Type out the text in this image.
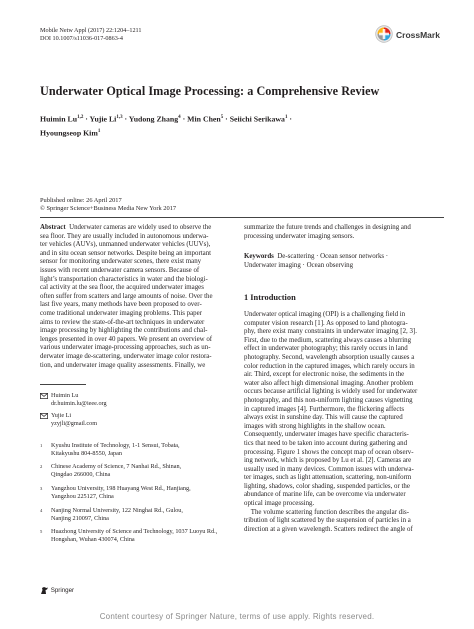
Mobile Netw Appl (2017) 22:1204–1211
DOI 10.1007/s11036-017-0863-4	CrossMark
Underwater Optical Image Processing: a Comprehensive Review
Huimin Lu$^{1,2}$ · Yujie Li$^{1,3}$ · Yudong Zhang$^4$ · Min Chen$^5$ · Seiichi Serikawa$^1$ ·
Hyoungseop Kim$^1$
Published online: 26 April 2017
© Springer Science+Business Media New York 2017
Abstract Underwater cameras are widely used to observe the
sea floor. They are usually included in autonomous underwa-
ter vehicles (AUVs), unmanned underwater vehicles (UUVs),
and in situ ocean sensor networks. Despite being an important
sensor for monitoring underwater scenes, there exist many
issues with recent underwater camera sensors. Because of
light’s transportation characteristics in water and the biologi-
cal activity at the sea floor, the acquired underwater images
often suffer from scatters and large amounts of noise. Over the
last five years, many methods have been proposed to over-
come traditional underwater imaging problems. This paper
aims to review the state-of-the-art techniques in underwater
image processing by highlighting the contributions and chal-
lenges presented in over 40 papers. We present an overview of
various underwater image-processing approaches, such as un-
derwater image de-scattering, underwater image color restora-
tion, and underwater image quality assessments. Finally, we
Huimin Lu
dr.huimin.lu@ieee.org
Yujie Li
yzyjli@gmail.com
1 Kyushu Institute of Technology, 1-1 Sensui, Tobata,
Kitakyushu 804-8550, Japan
2 Chinese Academy of Science, 7 Nanhai Rd., Shinan,
Qingdao 266000, China
3 Yangzhou University, 198 Huayang West Rd., Hanjiang,
Yangzhou 225127, China
4 Nanjing Normal University, 122 Ninghai Rd., Gulou,
Nanjing 210097, China
5 Huazhong University of Science and Technology, 1037 Luoyu Rd.,
Hongshan, Wuhan 430074, China
Springer
summarize the future trends and challenges in designing and
processing underwater imaging sensors.
Keywords De-scattering · Ocean sensor networks ·
Underwater imaging · Ocean observing
1 Introduction
Underwater optical imaging (OPI) is a challenging field in
computer vision research [1]. As opposed to land photogra-
phy, there exist many constraints in underwater imaging [2, 3].
First, due to the medium, scattering always causes a blurring
effect in underwater photography; this rarely occurs in land
photography. Second, wavelength absorption usually causes a
color reduction in the captured images, which rarely occurs in
air. Third, except for electronic noise, the sediments in the
water also affect high dimensional imaging. Another problem
occurs because artificial lighting is widely used for underwater
photography, and this non-uniform lighting causes vignetting
in captured images [4]. Furthermore, the flickering affects
always exist in sunshine day. This will cause the captured
images with strong highlights in the shallow ocean.
Consequently, underwater images have specific characteris-
tics that need to be taken into account during gathering and
processing. Figure 1 shows the concept map of ocean observ-
ing network, which is proposed by Lu et al. [2]. Cameras are
usually used in many devices. Common issues with underwa-
ter images, such as light attenuation, scattering, non-uniform
lighting, shadows, color shading, suspended particles, or the
abundance of marine life, can be overcome via underwater
optical image processing.
The volume scattering function describes the angular dis-
tribution of light scattered by the suspension of particles in a
direction at a given wavelength. Scatters redirect the angle of
Content courtesy of Springer Nature, terms of use apply. Rights reserved.
